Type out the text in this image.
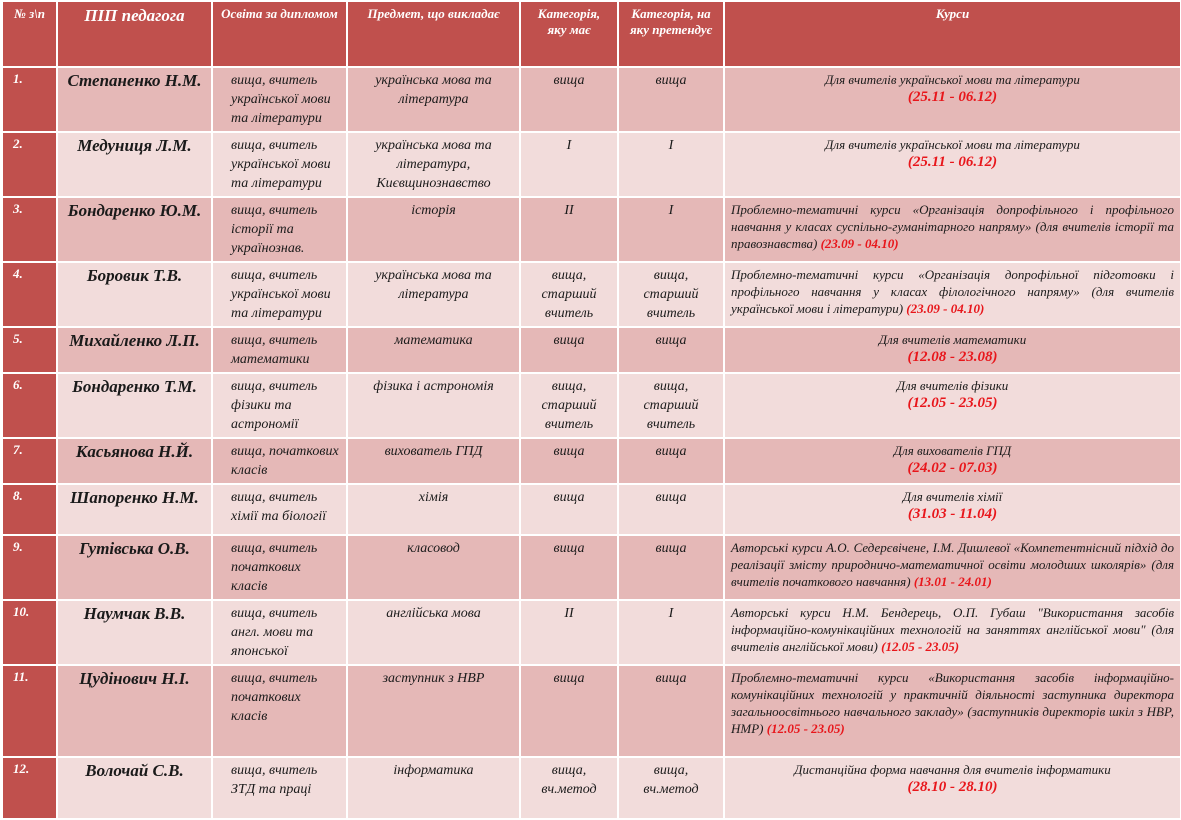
№ з\п	ПІП педагога	Освіта за дипломом	Предмет, що викладає	Категорія, яку має	Категорія, на яку претендує	Курси
1.	Степаненко Н.М.	вища, вчитель української мови та літератури	українська мова та література	вища	вища	Для вчителів української мови та літератури
(25.11 - 06.12)

2.	Медуниця Л.М.	вища, вчитель української мови та літератури	українська мова та література, Києвщинознавство	І	І	Для вчителів української мови та літератури
(25.11 - 06.12)

3.	Бондаренко Ю.М.	вища, вчитель історії та українознав.	історія	ІІ	І	Проблемно-тематичні курси «Організація допрофільного і профільного навчання у класах суспільно-гуманітарного напряму» (для вчителів історії та правознавства) (23.09 - 04.10)
4.	Боровик Т.В.	вища, вчитель української мови та літератури	українська мова та література	вища, старший вчитель	вища, старший вчитель	Проблемно-тематичні курси «Організація допрофільної підготовки і профільного навчання у класах філологічного напряму» (для вчителів української мови і літератури) (23.09 - 04.10)
5.	Михайленко Л.П.	вища, вчитель математики	математика	вища	вища	Для вчителів математики
(12.08 - 23.08)

6.	Бондаренко Т.М.	вища, вчитель фізики та астрономії	фізика і астрономія	вища, старший вчитель	вища, старший вчитель	Для вчителів фізики
(12.05 - 23.05)

7.	Касьянова Н.Й.	вища, початкових класів	вихователь ГПД	вища	вища	Для вихователів ГПД
(24.02 - 07.03)

8.	Шапоренко Н.М.	вища, вчитель хімії та біології	хімія	вища	вища	Для вчителів хімії
(31.03 - 11.04)

9.	Гутівська О.В.	вища, вчитель початкових класів	класовод	вища	вища	Авторські курси А.О. Седерєвічене, І.М. Дишлевої «Компетентнісний підхід до реалізації змісту природничо-математичної освіти молодших школярів» (для вчителів початкового навчання) (13.01 - 24.01)
10.	Наумчак В.В.	вища, вчитель англ. мови та японської	англійська мова	ІІ	І	Авторські курси Н.М. Бендерець, О.П. Губаш "Використання засобів інформаційно-комунікаційних технологій на заняттях англійської мови" (для вчителів англійської мови) (12.05 - 23.05)
11.	Цудінович Н.І.	вища, вчитель початкових класів	заступник з НВР	вища	вища	Проблемно-тематичні курси «Використання засобів інформаційно-комунікаційних технологій у практичній діяльності заступника директора загальноосвітнього навчального закладу» (заступників директорів шкіл з НВР, НМР) (12.05 - 23.05)
12.	Волочай С.В.	вища, вчитель ЗТД та праці	інформатика	вища, вч.метод	вища, вч.метод	Дистанційна форма навчання для вчителів інформатики
(28.10 - 28.10)
